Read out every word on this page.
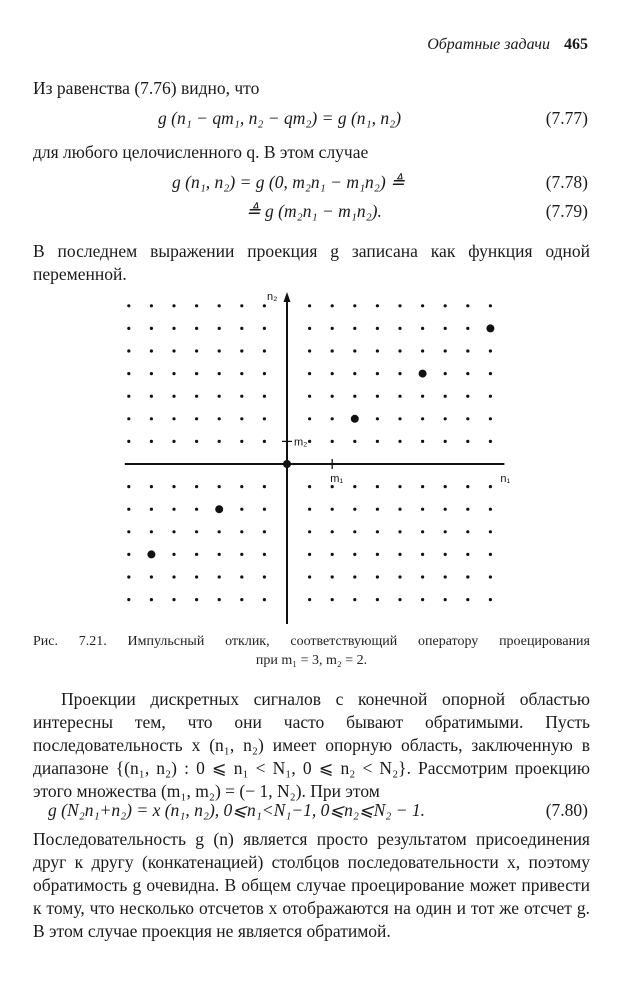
Обратные задачи 465
Из равенства (7.76) видно, что
g (n₁ − qm₁, n₂ − qm₂) = g (n₁, n₂)	(7.77)
для любого целочисленного q. В этом случае
g (n₁, n₂) = g (0, m₂n₁ − m₁n₂) ≜	(7.78)
≜ g (m₂n₁ − m₁n₂).	(7.79)
В последнем выражении проекция g записана как функция одной переменной.
n₂
n₁
m₂
m₁
Рис. 7.21. Импульсный отклик, соответствующий оператору проецирования
при m₁ = 3, m₂ = 2.
Проекции дискретных сигналов с конечной опорной областью интересны тем, что они часто бывают обратимыми. Пусть последовательность x (n₁, n₂) имеет опорную область, заключенную в диапазоне {(n₁, n₂) : 0 ⩽ n₁ < N₁, 0 ⩽ n₂ < N₂}. Рассмотрим проекцию этого множества (m₁, m₂) = (− 1, N₂). При этом
g (N₂n₁+n₂) = x (n₁, n₂), 0⩽n₁<N₁−1, 0⩽n₂⩽N₂ − 1.	(7.80)
Последовательность g (n) является просто результатом присоединения друг к другу (конкатенацией) столбцов последовательности x, поэтому обратимость g очевидна. В общем случае проецирование может привести к тому, что несколько отсчетов x отображаются на один и тот же отсчет g. В этом случае проекция не является обратимой.
